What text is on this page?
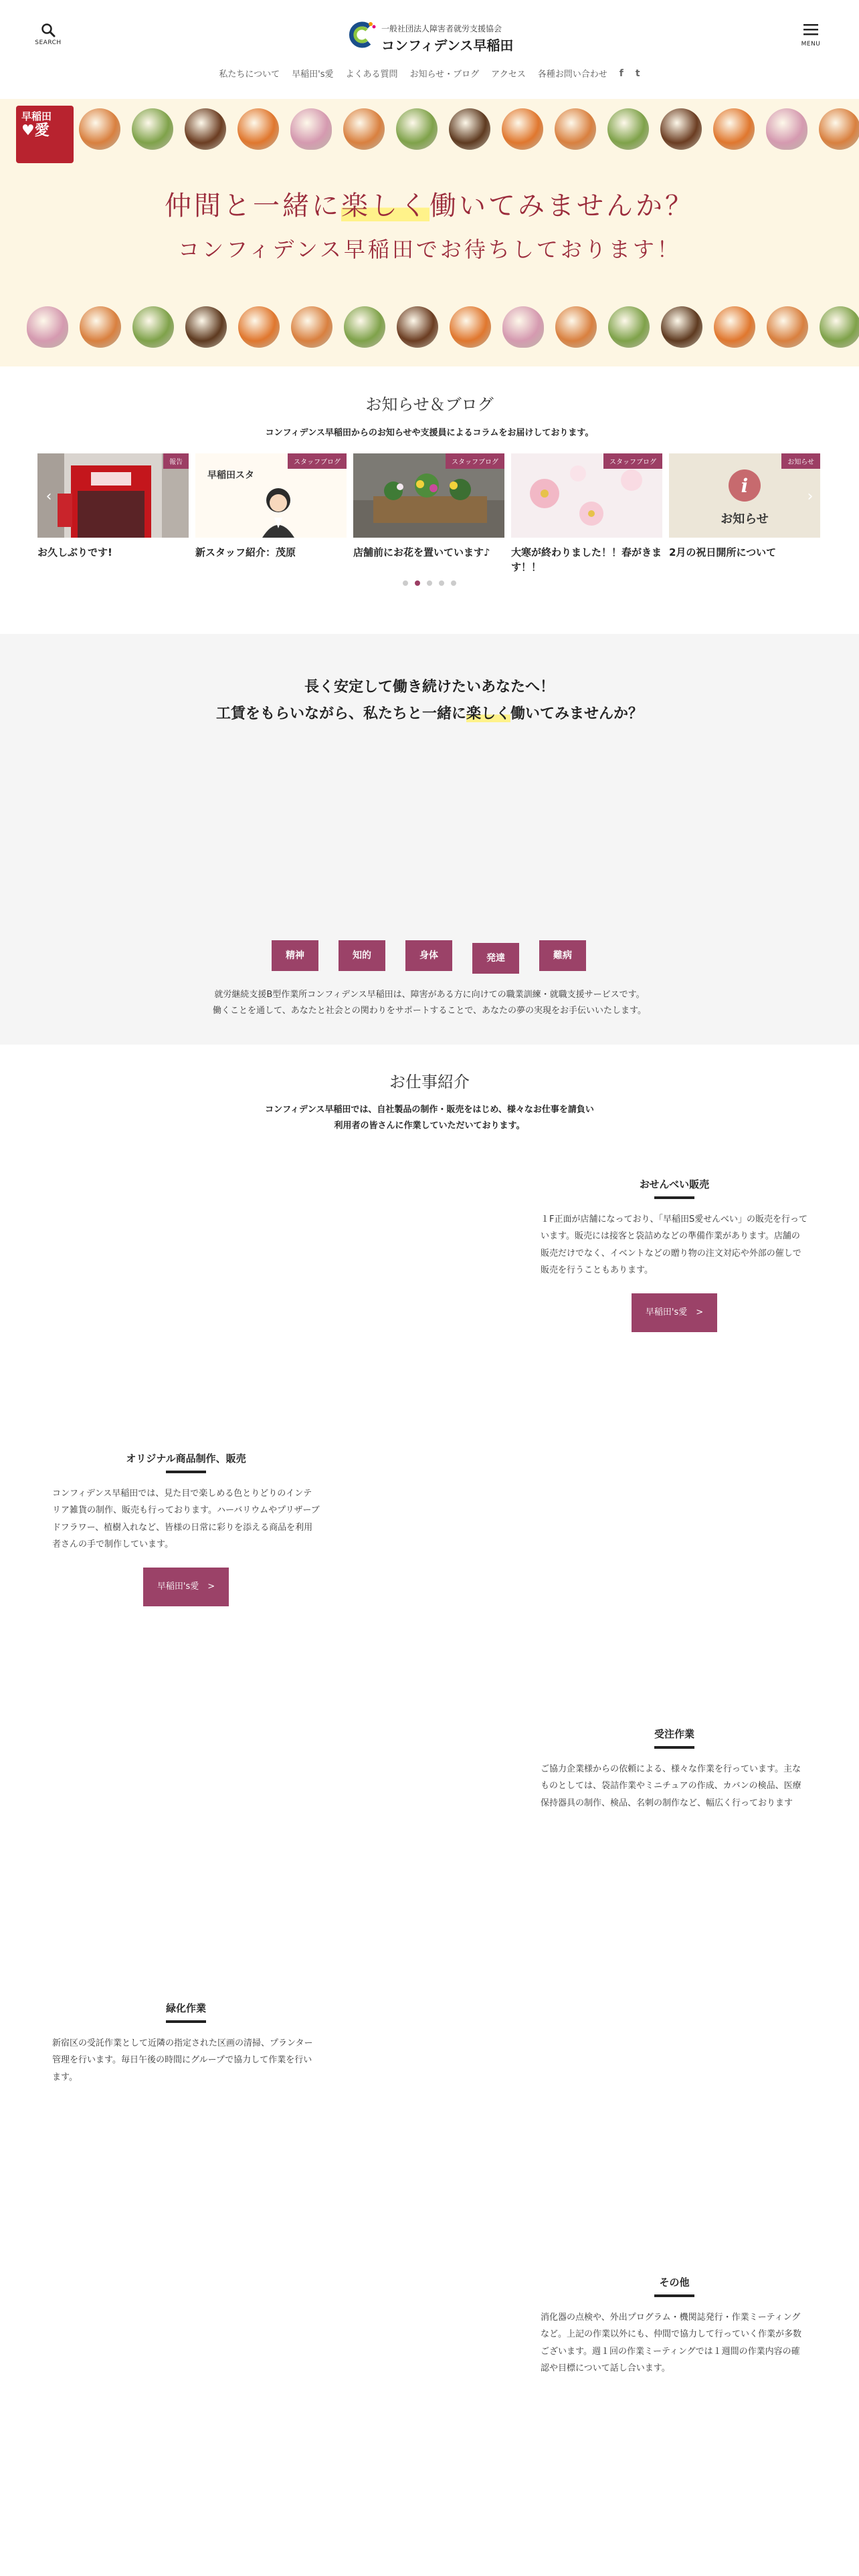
SEARCH
一般社団法人障害者就労支援協会
コンフィデンス早稲田	MENU
私たちについて 早稲田's愛 よくある質問 お知らせ・ブログ アクセス 各種お問い合わせ f t
早稲田
♥愛
仲間と一緒に楽しく働いてみませんか？
コンフィデンス早稲田でお待ちしております！
お知らせ＆ブログ
コンフィデンス早稲田からのお知らせや支援員によるコラムをお届けしております。
報告
お久しぶりです!
早稲田スタ
スタッフブログ
新スタッフ紹介：茂原
スタッフブログ
店舗前にお花を置いています♪
スタッフブログ
大寒が終わりました！！春がきます！！
i
お知らせ
お知らせ
2月の祝日開所について
‹	›
長く安定して働き続けたいあなたへ！
工賃をもらいながら、私たちと一緒に楽しく働いてみませんか？
精神	知的	身体	発達	難病
就労継続支援B型作業所コンフィデンス早稲田は、障害がある方に向けての職業訓練・就職支援サービスです。
働くことを通して、あなたと社会との関わりをサポートすることで、あなたの夢の実現をお手伝いいたします。
お仕事紹介
コンフィデンス早稲田では、自社製品の制作・販売をはじめ、様々なお仕事を請負い
利用者の皆さんに作業していただいております。
おせんべい販売
１F正面が店舗になっており、「早稲田S愛せんべい」の販売を行っています。販売には接客と袋詰めなどの準備作業があります。店舗の販売だけでなく、イベントなどの贈り物の注文対応や外部の催しで販売を行うこともあります。
早稲田's愛　>
オリジナル商品制作、販売
コンフィデンス早稲田では、見た目で楽しめる色とりどりのインテリア雑貨の制作、販売も行っております。ハーバリウムやプリザーブドフラワー、植樹入れなど、皆様の日常に彩りを添える商品を利用者さんの手で制作しています。
早稲田's愛　>
受注作業
ご協力企業様からの依頼による、様々な作業を行っています。主なものとしては、袋詰作業やミニチュアの作成、カバンの検品、医療保持器具の制作、検品、名刺の制作など、幅広く行っております
緑化作業
新宿区の受託作業として近隣の指定された区画の清掃、プランター管理を行います。毎日午後の時間にグループで協力して作業を行います。
その他
消化器の点検や、外出プログラム・機関誌発行・作業ミーティングなど。上記の作業以外にも、仲間で協力して行っていく作業が多数ございます。週１回の作業ミーティングでは１週間の作業内容の確認や目標について話し合います。
